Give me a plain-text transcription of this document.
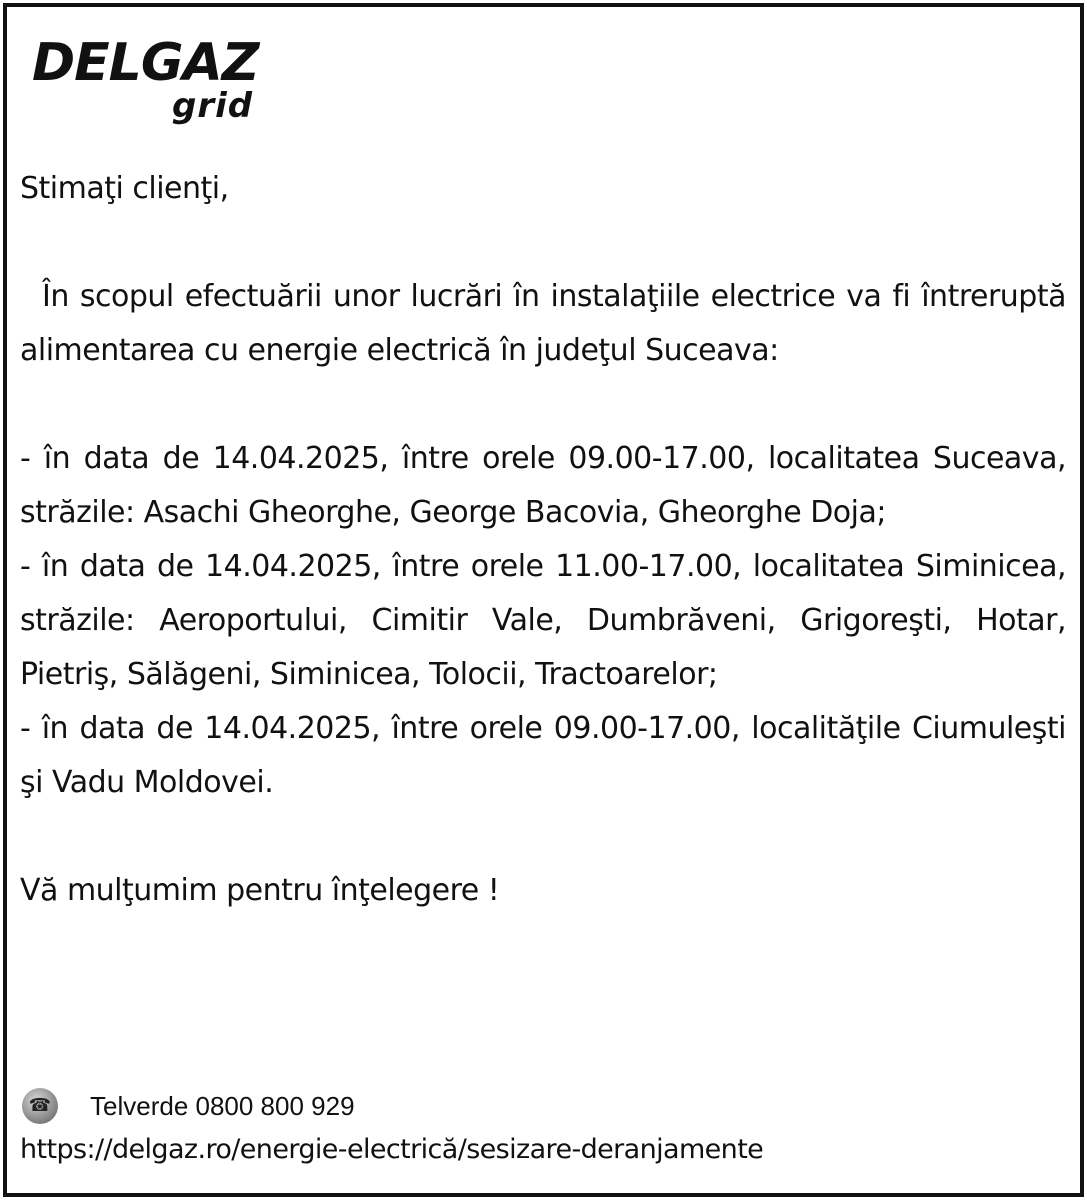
DELGAZ
grid

Stimaţi clienţi,

În scopul efectuării unor lucrări în instalaţiile electrice va fi întreruptă alimentarea cu energie electrică în judeţul Suceava:

- în data de 14.04.2025, între orele 09.00-17.00, localitatea Suceava, străzile: Asachi Gheorghe, George Bacovia, Gheorghe Doja;

- în data de 14.04.2025, între orele 11.00-17.00, localitatea Siminicea, străzile: Aeroportului, Cimitir Vale, Dumbrăveni, Grigoreşti, Hotar, Pietriş, Sălăgeni, Siminicea, Tolocii, Tractoarelor;

- în data de 14.04.2025, între orele 09.00-17.00, localităţile Ciumuleşti şi Vadu Moldovei.

Vă mulţumim pentru înţelegere !

☎ Telverde 0800 800 929
https://delgaz.ro/energie-electrică/sesizare-deranjamente
